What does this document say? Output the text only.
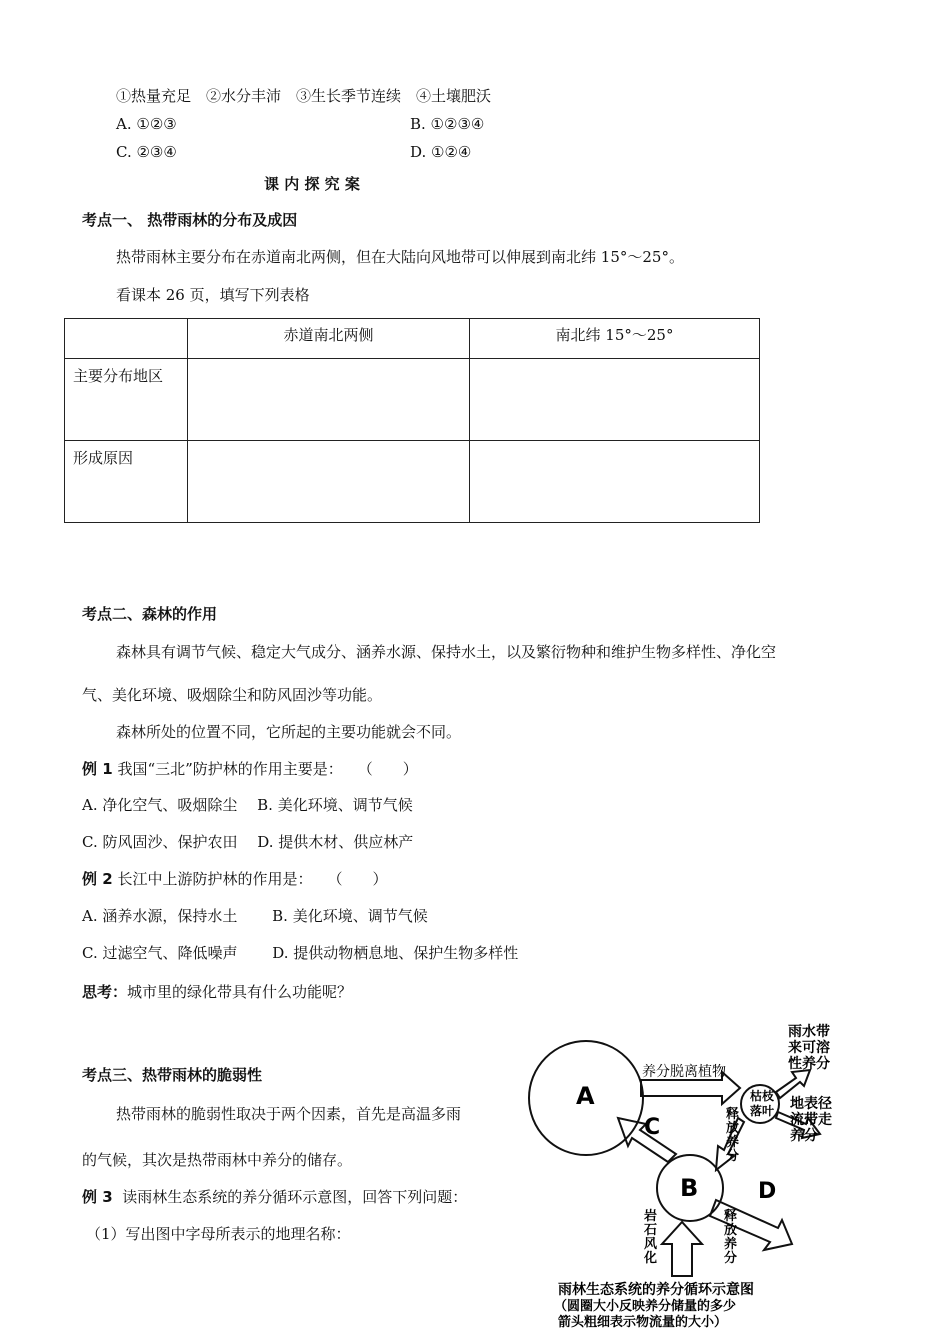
①热量充足　②水分丰沛　③生长季节连续　④土壤肥沃
A. ①②③	B. ①②③④
C. ②③④	D. ①②④
课 内 探 究 案
考点一、 热带雨林的分布及成因
热带雨林主要分布在赤道南北两侧，但在大陆向风地带可以伸展到南北纬 15°～25°。
看课本 26 页，填写下列表格
	赤道南北两侧	南北纬 15°～25°
主要分布地区		
形成原因		
考点二、森林的作用
森林具有调节气候、稳定大气成分、涵养水源、保持水土，以及繁衍物种和维护生物多样性、净化空
气、美化环境、吸烟除尘和防风固沙等功能。
森林所处的位置不同，它所起的主要功能就会不同。
例 1 我国“三北”防护林的作用主要是：　　（　　）
A. 净化空气、吸烟除尘　 B. 美化环境、调节气候
C. 防风固沙、保护农田　 D. 提供木材、供应林产
例 2 长江中上游防护林的作用是：　　（　　）
A. 涵养水源，保持水土　　 B. 美化环境、调节气候
C. 过滤空气、降低噪声　　 D. 提供动物栖息地、保护生物多样性
思考：城市里的绿化带具有什么功能呢？
考点三、热带雨林的脆弱性
热带雨林的脆弱性取决于两个因素，首先是高温多雨
的气候，其次是热带雨林中养分的储存。
例 3 读雨林生态系统的养分循环示意图，回答下列问题：
（1）写出图中字母所表示的地理名称：
A
B
C
D
养分脱离植物
枯枝
落叶
雨水带
来可溶
性养分
地表径
流带走
养分
释
放
养
分
释
放
养
分
岩
石
风
化
雨林生态系统的养分循环示意图
（圆圈大小反映养分储量的多少
箭头粗细表示物流量的大小）
